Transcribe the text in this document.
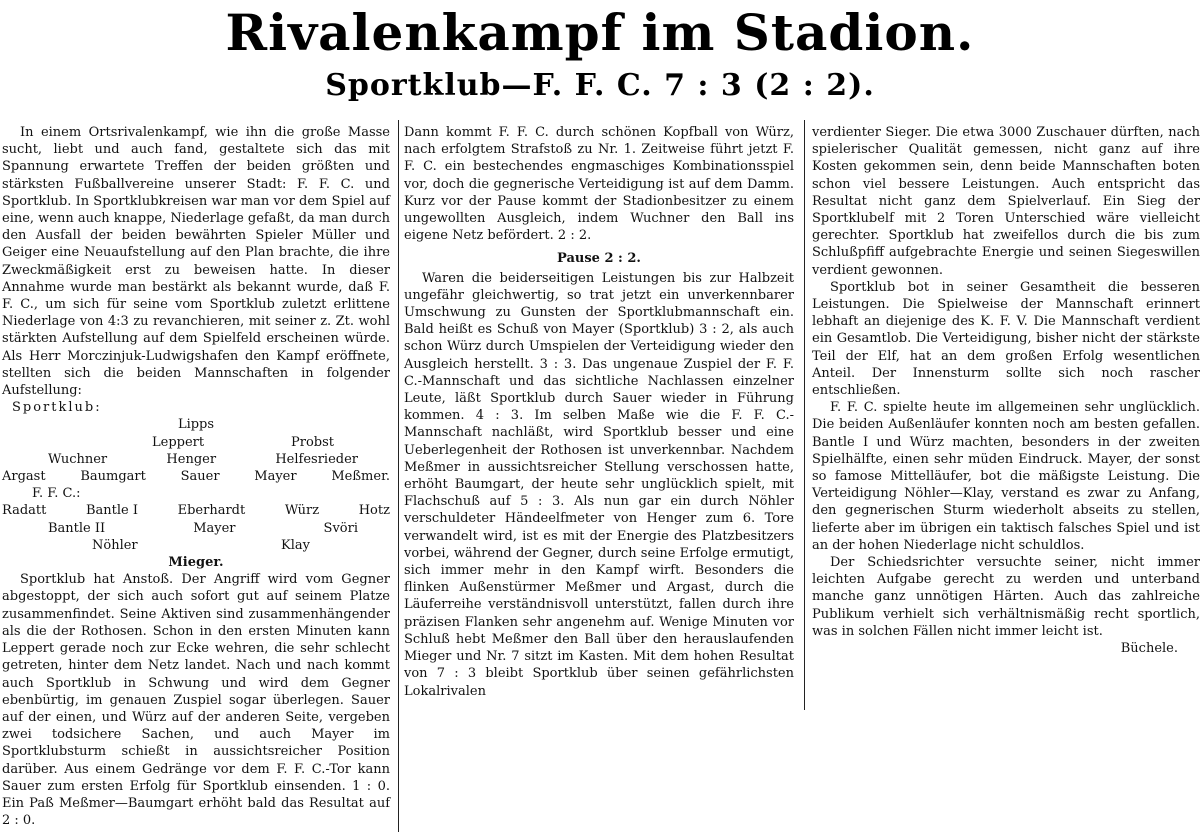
Rivalenkampf im Stadion.
Sportklub—F. F. C. 7 : 3 (2 : 2).

In einem Ortsrivalenkampf, wie ihn die große Masse sucht, liebt und auch fand, gestaltete sich das mit Spannung erwartete Treffen der beiden größten und stärksten Fußballvereine unserer Stadt: F. F. C. und Sportklub. In Sportklubkreisen war man vor dem Spiel auf eine, wenn auch knappe, Niederlage gefaßt, da man durch den Ausfall der beiden bewährten Spieler Müller und Geiger eine Neuaufstellung auf den Plan brachte, die ihre Zweckmäßigkeit erst zu beweisen hatte. In dieser Annahme wurde man bestärkt als bekannt wurde, daß F. F. C., um sich für seine vom Sportklub zuletzt erlittene Niederlage von 4:3 zu revanchieren, mit seiner z. Zt. wohl stärkten Aufstellung auf dem Spielfeld erscheinen würde. Als Herr Morczinjuk-Ludwigshafen den Kampf eröffnete, stellten sich die beiden Mannschaften in folgender Aufstellung:

Sportklub:

Lipps
Leppert	Probst
Wuchner	Henger	Helfesrieder
Argast	Baumgart	Sauer	Mayer	Meßmer.

F. F. C.:

Radatt	Bantle I	Eberhardt	Würz	Hotz
Bantle II	Mayer	Svöri
Nöhler	Klay
Mieger.

Sportklub hat Anstoß. Der Angriff wird vom Gegner abgestoppt, der sich auch sofort gut auf seinem Platze zusammenfindet. Seine Aktiven sind zusammenhängender als die der Rothosen. Schon in den ersten Minuten kann Leppert gerade noch zur Ecke wehren, die sehr schlecht getreten, hinter dem Netz landet. Nach und nach kommt auch Sportklub in Schwung und wird dem Gegner ebenbürtig, im genauen Zuspiel sogar überlegen. Sauer auf der einen, und Würz auf der anderen Seite, vergeben zwei todsichere Sachen, und auch Mayer im Sportklubsturm schießt in aussichtsreicher Position darüber. Aus einem Gedränge vor dem F. F. C.-Tor kann Sauer zum ersten Erfolg für Sportklub einsenden. 1 : 0. Ein Paß Meßmer—Baumgart erhöht bald das Resultat auf 2 : 0.

Dann kommt F. F. C. durch schönen Kopfball von Würz, nach erfolgtem Strafstoß zu Nr. 1. Zeitweise führt jetzt F. F. C. ein bestechendes engmaschiges Kombinationsspiel vor, doch die gegnerische Verteidigung ist auf dem Damm. Kurz vor der Pause kommt der Stadionbesitzer zu einem ungewollten Ausgleich, indem Wuchner den Ball ins eigene Netz befördert. 2 : 2.

Pause 2 : 2.

Waren die beiderseitigen Leistungen bis zur Halbzeit ungefähr gleichwertig, so trat jetzt ein unverkennbarer Umschwung zu Gunsten der Sportklubmannschaft ein. Bald heißt es Schuß von Mayer (Sportklub) 3 : 2, als auch schon Würz durch Umspielen der Verteidigung wieder den Ausgleich herstellt. 3 : 3. Das ungenaue Zuspiel der F. F. C.-Mannschaft und das sichtliche Nachlassen einzelner Leute, läßt Sportklub durch Sauer wieder in Führung kommen. 4 : 3. Im selben Maße wie die F. F. C.-Mannschaft nachläßt, wird Sportklub besser und eine Ueberlegenheit der Rothosen ist unverkennbar. Nachdem Meßmer in aussichtsreicher Stellung verschossen hatte, erhöht Baumgart, der heute sehr unglücklich spielt, mit Flachschuß auf 5 : 3. Als nun gar ein durch Nöhler verschuldeter Händeelfmeter von Henger zum 6. Tore verwandelt wird, ist es mit der Energie des Platzbesitzers vorbei, während der Gegner, durch seine Erfolge ermutigt, sich immer mehr in den Kampf wirft. Besonders die flinken Außenstürmer Meßmer und Argast, durch die Läuferreihe verständnisvoll unterstützt, fallen durch ihre präzisen Flanken sehr angenehm auf. Wenige Minuten vor Schluß hebt Meßmer den Ball über den herauslaufenden Mieger und Nr. 7 sitzt im Kasten. Mit dem hohen Resultat von 7 : 3 bleibt Sportklub über seinen gefährlichsten Lokalrivalen

verdienter Sieger. Die etwa 3000 Zuschauer dürften, nach spielerischer Qualität gemessen, nicht ganz auf ihre Kosten gekommen sein, denn beide Mannschaften boten schon viel bessere Leistungen. Auch entspricht das Resultat nicht ganz dem Spielverlauf. Ein Sieg der Sportklubelf mit 2 Toren Unterschied wäre vielleicht gerechter. Sportklub hat zweifellos durch die bis zum Schlußpfiff aufgebrachte Energie und seinen Siegeswillen verdient gewonnen.

Sportklub bot in seiner Gesamtheit die besseren Leistungen. Die Spielweise der Mannschaft erinnert lebhaft an diejenige des K. F. V. Die Mannschaft verdient ein Gesamtlob. Die Verteidigung, bisher nicht der stärkste Teil der Elf, hat an dem großen Erfolg wesentlichen Anteil. Der Innensturm sollte sich noch rascher entschließen.

F. F. C. spielte heute im allgemeinen sehr unglücklich. Die beiden Außenläufer konnten noch am besten gefallen. Bantle I und Würz machten, besonders in der zweiten Spielhälfte, einen sehr müden Eindruck. Mayer, der sonst so famose Mittelläufer, bot die mäßigste Leistung. Die Verteidigung Nöhler—Klay, verstand es zwar zu Anfang, den gegnerischen Sturm wiederholt abseits zu stellen, lieferte aber im übrigen ein taktisch falsches Spiel und ist an der hohen Niederlage nicht schuldlos.

Der Schiedsrichter versuchte seiner, nicht immer leichten Aufgabe gerecht zu werden und unterband manche ganz unnötigen Härten. Auch das zahlreiche Publikum verhielt sich verhältnismäßig recht sportlich, was in solchen Fällen nicht immer leicht ist.

Büchele.
